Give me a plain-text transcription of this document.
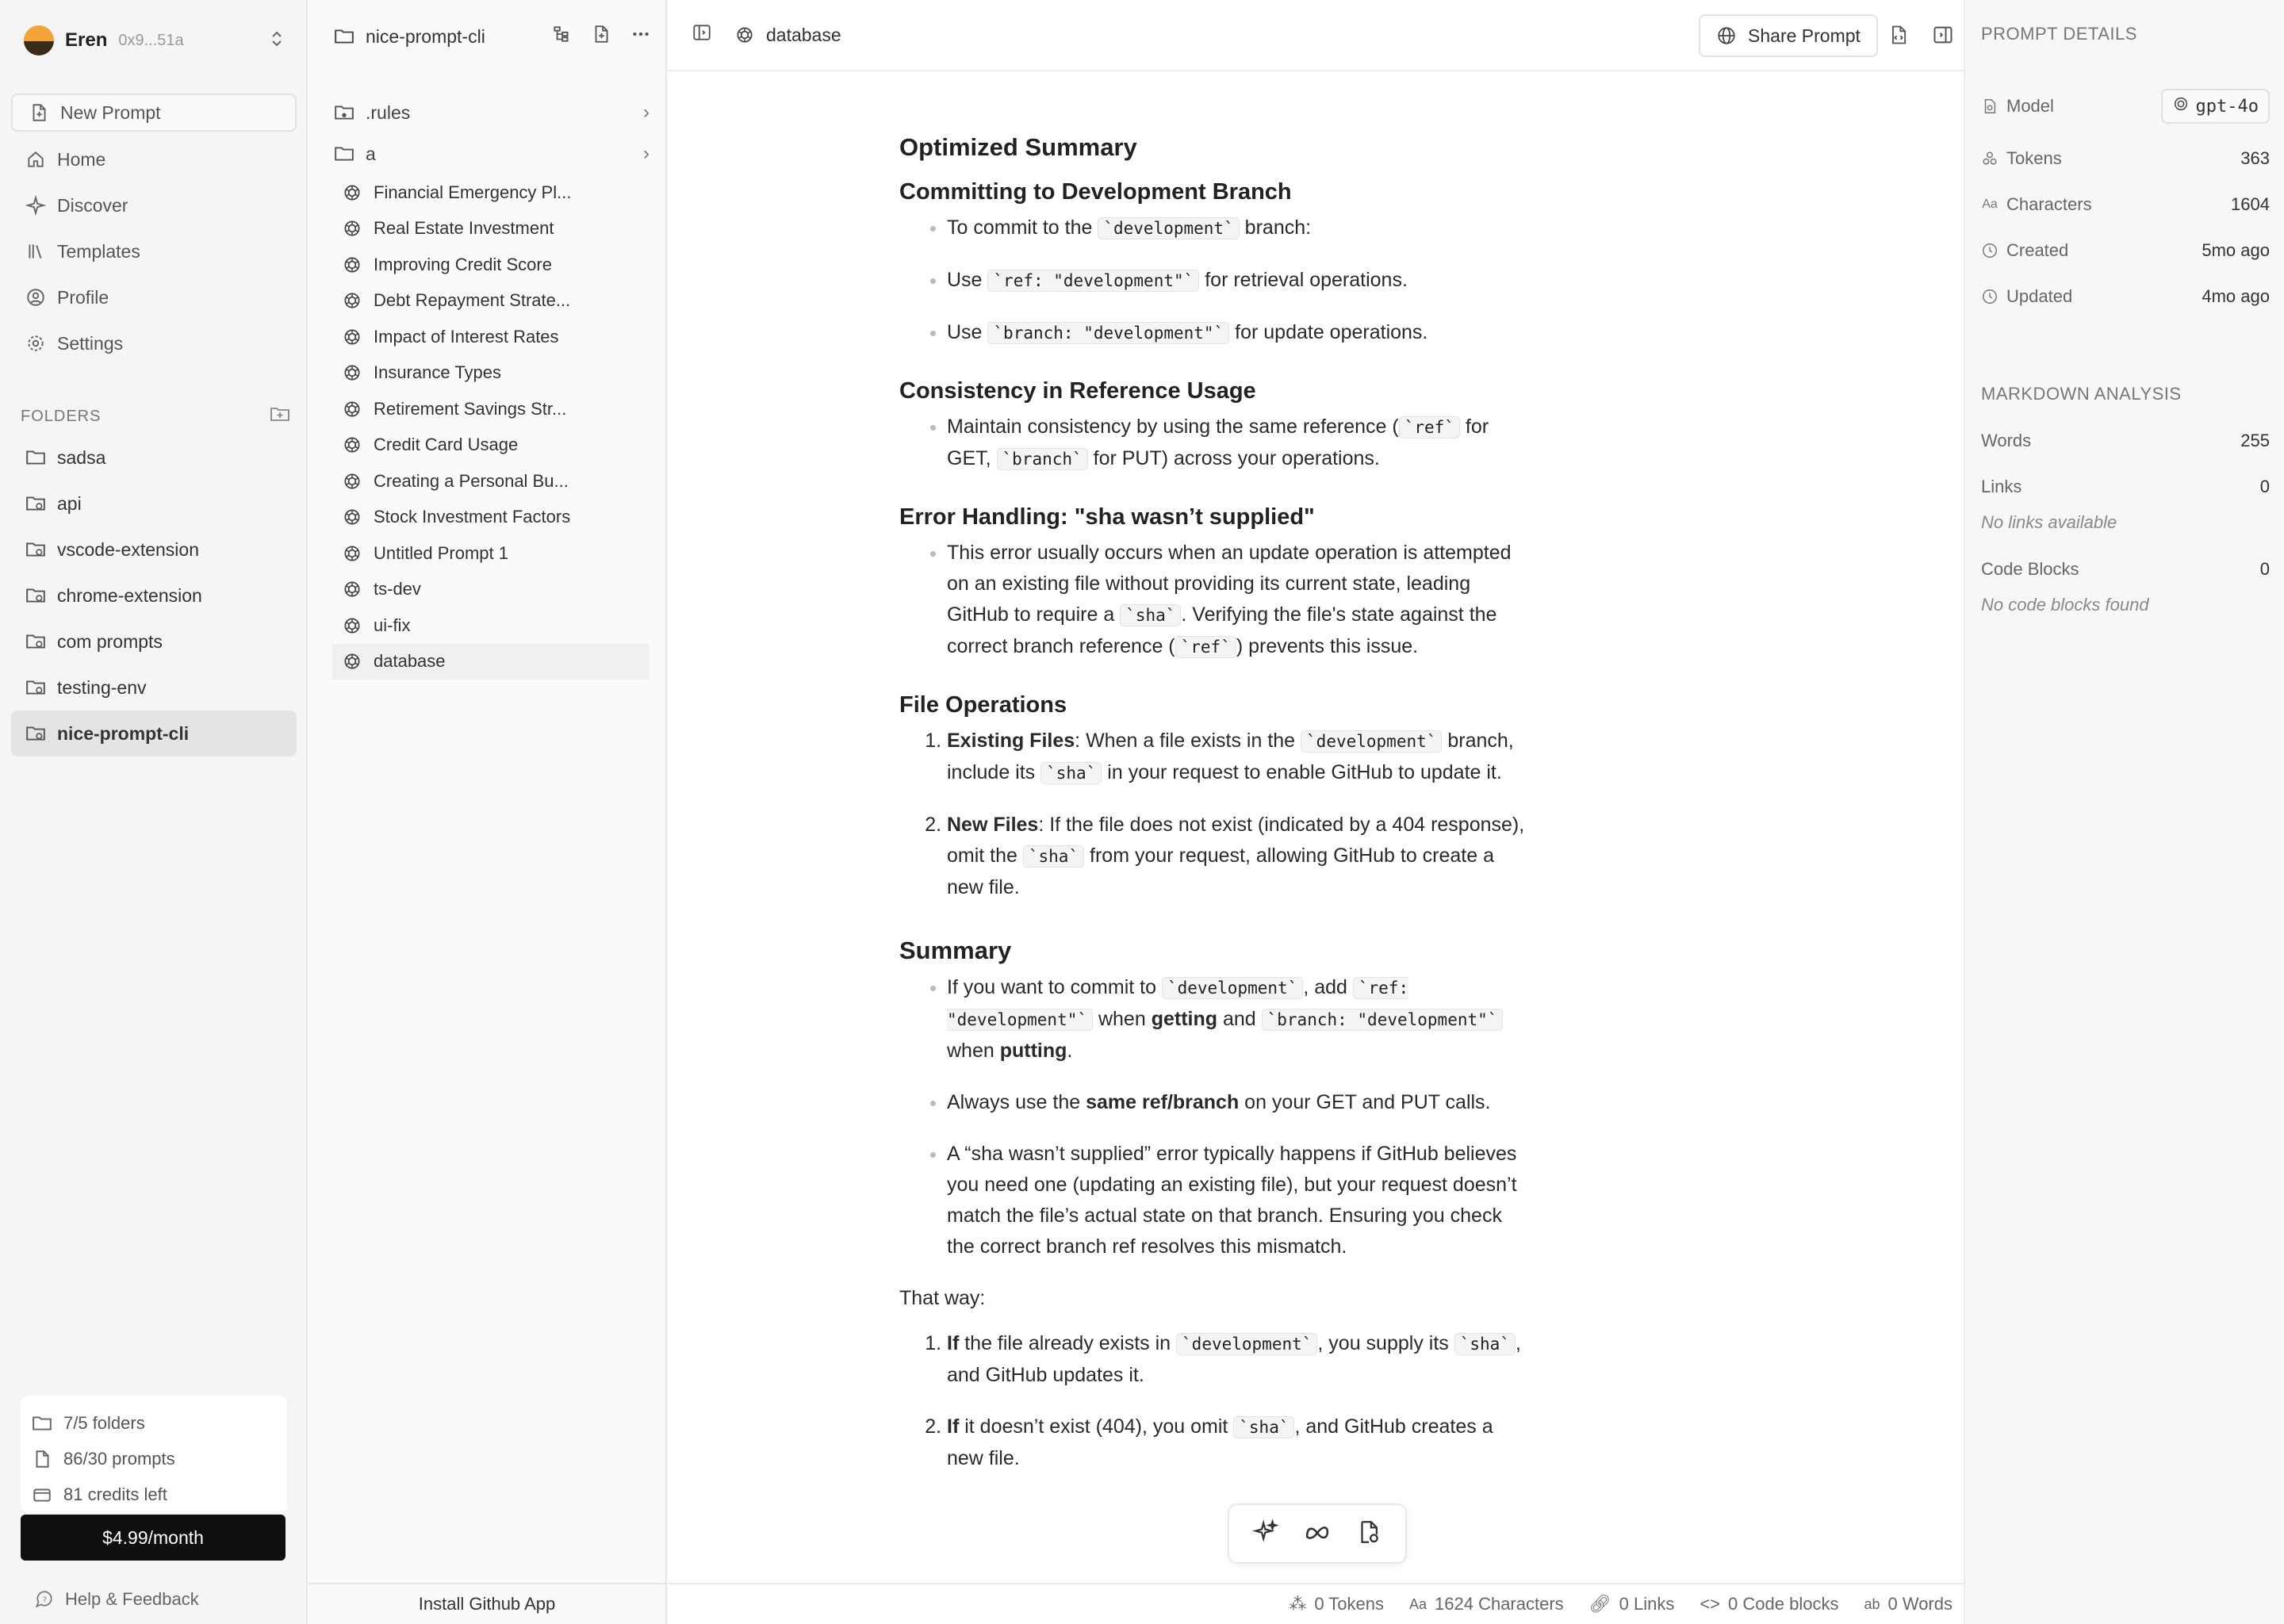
Eren 0x9...51a
New Prompt
Home
Discover
Templates
Profile
Settings
FOLDERS
sadsa
api
vscode-extension
chrome-extension
com prompts
testing-env
nice-prompt-cli
7/5 folders
86/30 prompts
81 credits left
$4.99/month
? Help & Feedback
nice-prompt-cli
.rules	›
a	›
Financial Emergency Pl...
Real Estate Investment
Improving Credit Score
Debt Repayment Strate...
Impact of Interest Rates
Insurance Types
Retirement Savings Str...
Credit Card Usage
Creating a Personal Bu...
Stock Investment Factors
Untitled Prompt 1
ts-dev
ui-fix
database
Install Github App
database	Share Prompt
Optimized Summary
Committing to Development Branch
• To commit to the `development` branch:
• Use `ref: "development"` for retrieval operations.
• Use `branch: "development"` for update operations.
Consistency in Reference Usage
• Maintain consistency by using the same reference ( `ref` for GET, `branch` for PUT) across your operations.
Error Handling: "sha wasn’t supplied"
• This error usually occurs when an update operation is attempted on an existing file without providing its current state, leading GitHub to require a `sha` . Verifying the file's state against the correct branch reference ( `ref` ) prevents this issue.
File Operations
1. Existing Files: When a file exists in the `development` branch, include its `sha` in your request to enable GitHub to update it.
2. New Files: If the file does not exist (indicated by a 404 response), omit the `sha` from your request, allowing GitHub to create a new file.
Summary
• If you want to commit to `development` , add `ref: "development"` when getting and `branch: "development"` when putting.
• Always use the same ref/branch on your GET and PUT calls.
• A “sha wasn’t supplied” error typically happens if GitHub believes you need one (updating an existing file), but your request doesn’t match the file’s actual state on that branch. Ensuring you check the correct branch ref resolves this mismatch.

That way:

1. If the file already exists in `development` , you supply its `sha` , and GitHub updates it.
2. If it doesn’t exist (404), you omit `sha` , and GitHub creates a new file.
⁂ 0 Tokens Aa 1624 Characters 🔗︎ 0 Links <> 0 Code blocks ab 0 Words
PROMPT DETAILS
Model	gpt-4o
Tokens	363
Aa Characters	1604
Created	5mo ago
Updated	4mo ago
MARKDOWN ANALYSIS
Words	255
Links	0
No links available
Code Blocks	0
No code blocks found
